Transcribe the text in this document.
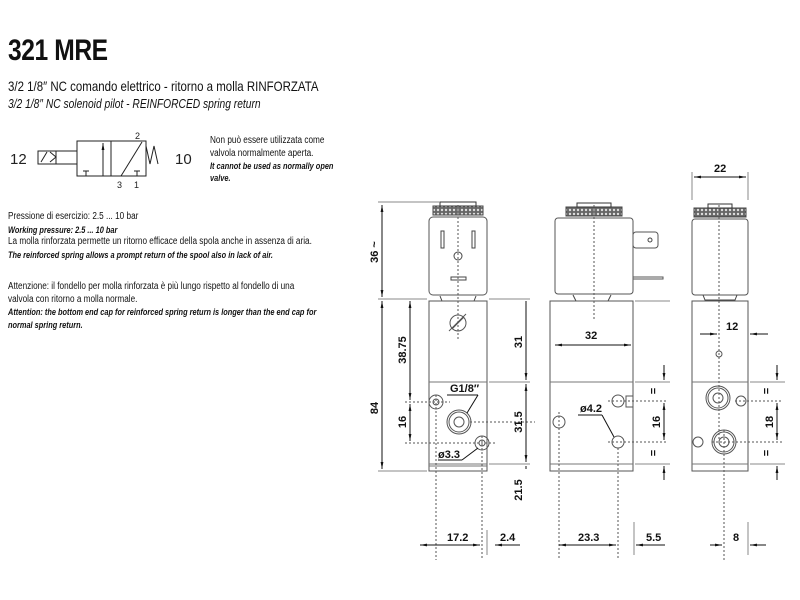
321 MRE
3/2 1/8″ NC comando elettrico - ritorno a molla RINFORZATA
3/2 1/8″ NC solenoid pilot - REINFORCED spring return
Non può essere utilizzata come
valvola normalmente aperta.
It cannot be used as normally open
valve.
Pressione di esercizio: 2.5 ... 10 bar
Working pressure: 2.5 ... 10 bar
La molla rinforzata permette un ritorno efficace della spola anche in assenza di aria.
The reinforced spring allows a prompt return of the spool also in lack of air.
Attenzione: il fondello per molla rinforzata è più lungo rispetto al fondello di una
valvola con ritorno a molla normale.
Attention: the bottom end cap for reinforced spring return is longer than the end cap for
normal spring return.
12
2
3 1
10
36 ~
84
38.75
16
31
31.5
21.5
G1/8″
ø3.3
17.2	2.4
32
ø4.2
16
=
=
23.3	5.5
22
12
18
=
=
8
